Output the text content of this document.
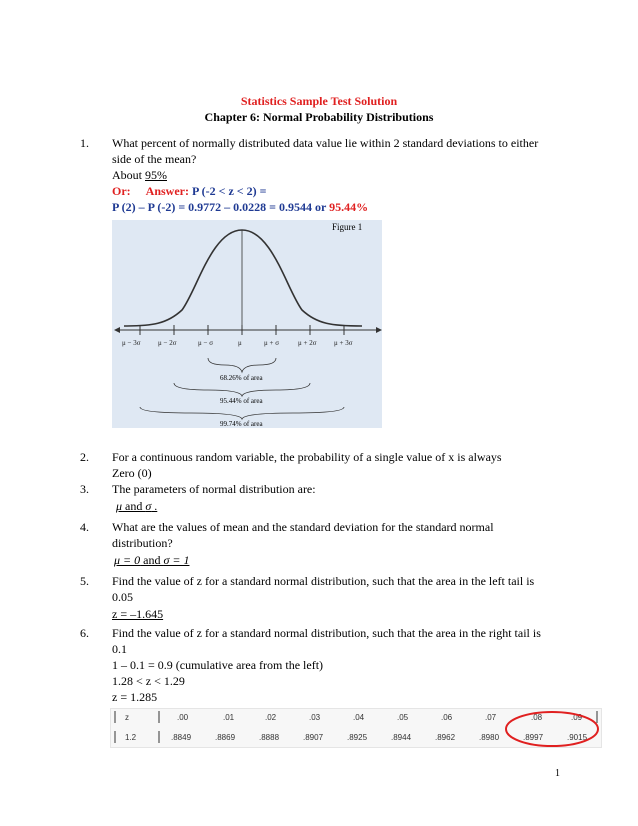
Statistics Sample Test Solution
Chapter 6: Normal Probability Distributions
1. What percent of normally distributed data value lie within 2 standard deviations to either
side of the mean?
About 95%
Or: Answer: P (-2 < z < 2) =
P (2) – P (-2) = 0.9772 – 0.0228 = 0.9544 or 95.44%
Figure 1
μ − 3σ	μ − 2σ	μ − σ	μ	μ + σ	μ + 2σ	μ + 3σ
68.26% of area
95.44% of area
99.74% of area
2. For a continuous random variable, the probability of a single value of x is always
Zero (0)
3. The parameters of normal distribution are:
μ and σ .
4. What are the values of mean and the standard deviation for the standard normal
distribution?
μ = 0 and σ = 1
5. Find the value of z for a standard normal distribution, such that the area in the left tail is
0.05
z = –1.645
6. Find the value of z for a standard normal distribution, such that the area in the right tail is
0.1
1 – 0.1 = 0.9 (cumulative area from the left)
1.28 < z < 1.29
z = 1.285
z	.00	.01	.02	.03	.04	.05	.06	.07	.08	.09
1.2	.8849	.8869	.8888	.8907	.8925	.8944	.8962	.8980	.8997	.9015
1
